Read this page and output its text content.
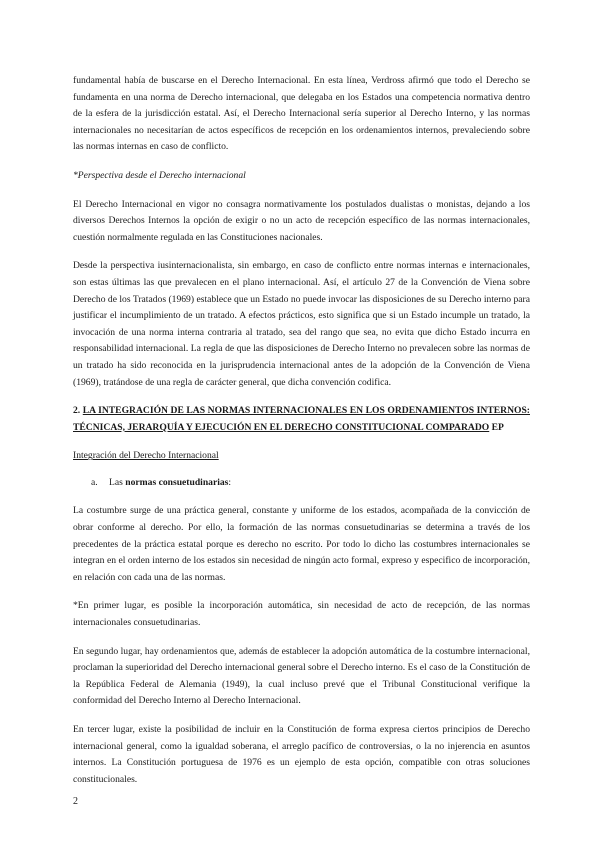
fundamental había de buscarse en el Derecho Internacional. En esta línea, Verdross afirmó que todo el Derecho se fundamenta en una norma de Derecho internacional, que delegaba en los Estados una competencia normativa dentro de la esfera de la jurisdicción estatal. Así, el Derecho Internacional sería superior al Derecho Interno, y las normas internacionales no necesitarían de actos específicos de recepción en los ordenamientos internos, prevaleciendo sobre las normas internas en caso de conflicto.

*Perspectiva desde el Derecho internacional

El Derecho Internacional en vigor no consagra normativamente los postulados dualistas o monistas, dejando a los diversos Derechos Internos la opción de exigir o no un acto de recepción específico de las normas internacionales, cuestión normalmente regulada en las Constituciones nacionales.

Desde la perspectiva iusinternacionalista, sin embargo, en caso de conflicto entre normas internas e internacionales, son estas últimas las que prevalecen en el plano internacional. Así, el artículo 27 de la Convención de Viena sobre Derecho de los Tratados (1969) establece que un Estado no puede invocar las disposiciones de su Derecho interno para justificar el incumplimiento de un tratado. A efectos prácticos, esto significa que si un Estado incumple un tratado, la invocación de una norma interna contraria al tratado, sea del rango que sea, no evita que dicho Estado incurra en responsabilidad internacional. La regla de que las disposiciones de Derecho Interno no prevalecen sobre las normas de un tratado ha sido reconocida en la jurisprudencia internacional antes de la adopción de la Convención de Viena (1969), tratándose de una regla de carácter general, que dicha convención codifica.

2. LA INTEGRACIÓN DE LAS NORMAS INTERNACIONALES EN LOS ORDENAMIENTOS INTERNOS: TÉCNICAS, JERARQUÍA Y EJECUCIÓN EN EL DERECHO CONSTITUCIONAL COMPARADO EP
Integración del Derecho Internacional
a. Las normas consuetudinarias:

La costumbre surge de una práctica general, constante y uniforme de los estados, acompañada de la convicción de obrar conforme al derecho. Por ello, la formación de las normas consuetudinarias se determina a través de los precedentes de la práctica estatal porque es derecho no escrito. Por todo lo dicho las costumbres internacionales se integran en el orden interno de los estados sin necesidad de ningún acto formal, expreso y especifico de incorporación, en relación con cada una de las normas.

*En primer lugar, es posible la incorporación automática, sin necesidad de acto de recepción, de las normas internacionales consuetudinarias.

En segundo lugar, hay ordenamientos que, además de establecer la adopción automática de la costumbre internacional, proclaman la superioridad del Derecho internacional general sobre el Derecho interno. Es el caso de la Constitución de la República Federal de Alemania (1949), la cual incluso prevé que el Tribunal Constitucional verifique la conformidad del Derecho Interno al Derecho Internacional.

En tercer lugar, existe la posibilidad de incluir en la Constitución de forma expresa ciertos principios de Derecho internacional general, como la igualdad soberana, el arreglo pacífico de controversias, o la no injerencia en asuntos internos. La Constitución portuguesa de 1976 es un ejemplo de esta opción, compatible con otras soluciones constitucionales.

2
